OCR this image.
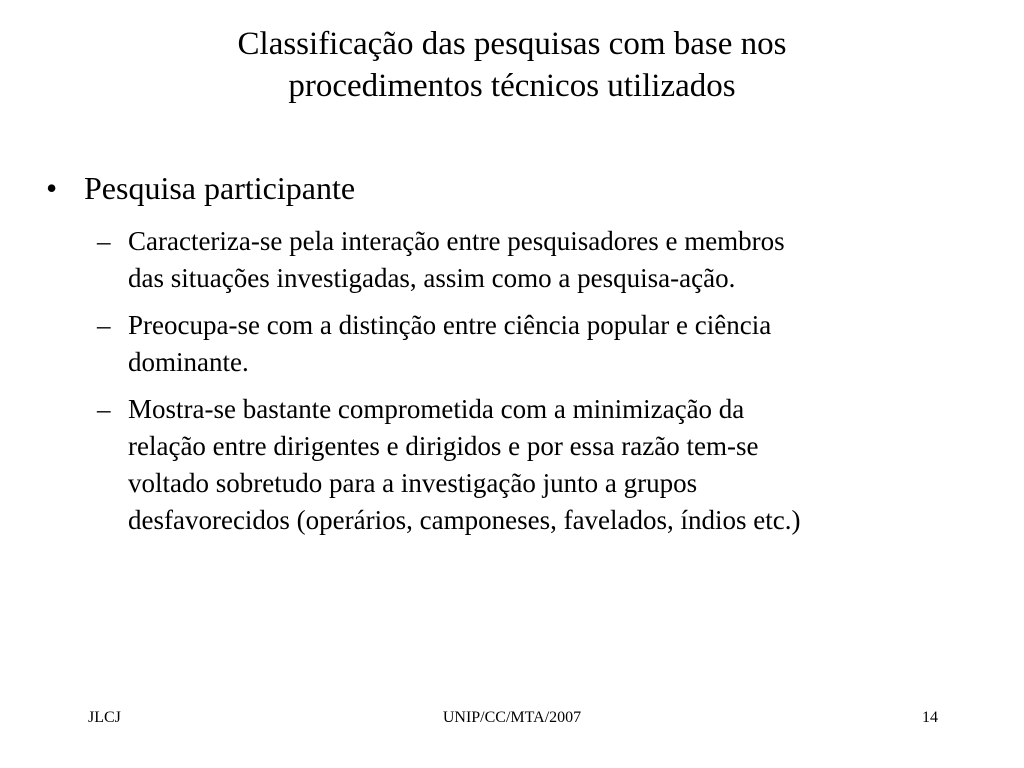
Classificação das pesquisas com base nos
procedimentos técnicos utilizados
• Pesquisa participante
– Caracteriza-se pela interação entre pesquisadores e membros
das situações investigadas, assim como a pesquisa-ação.
– Preocupa-se com a distinção entre ciência popular e ciência
dominante.
– Mostra-se bastante comprometida com a minimização da
relação entre dirigentes e dirigidos e por essa razão tem-se
voltado sobretudo para a investigação junto a grupos
desfavorecidos (operários, camponeses, favelados, índios etc.)
JLCJ	UNIP/CC/MTA/2007	14
